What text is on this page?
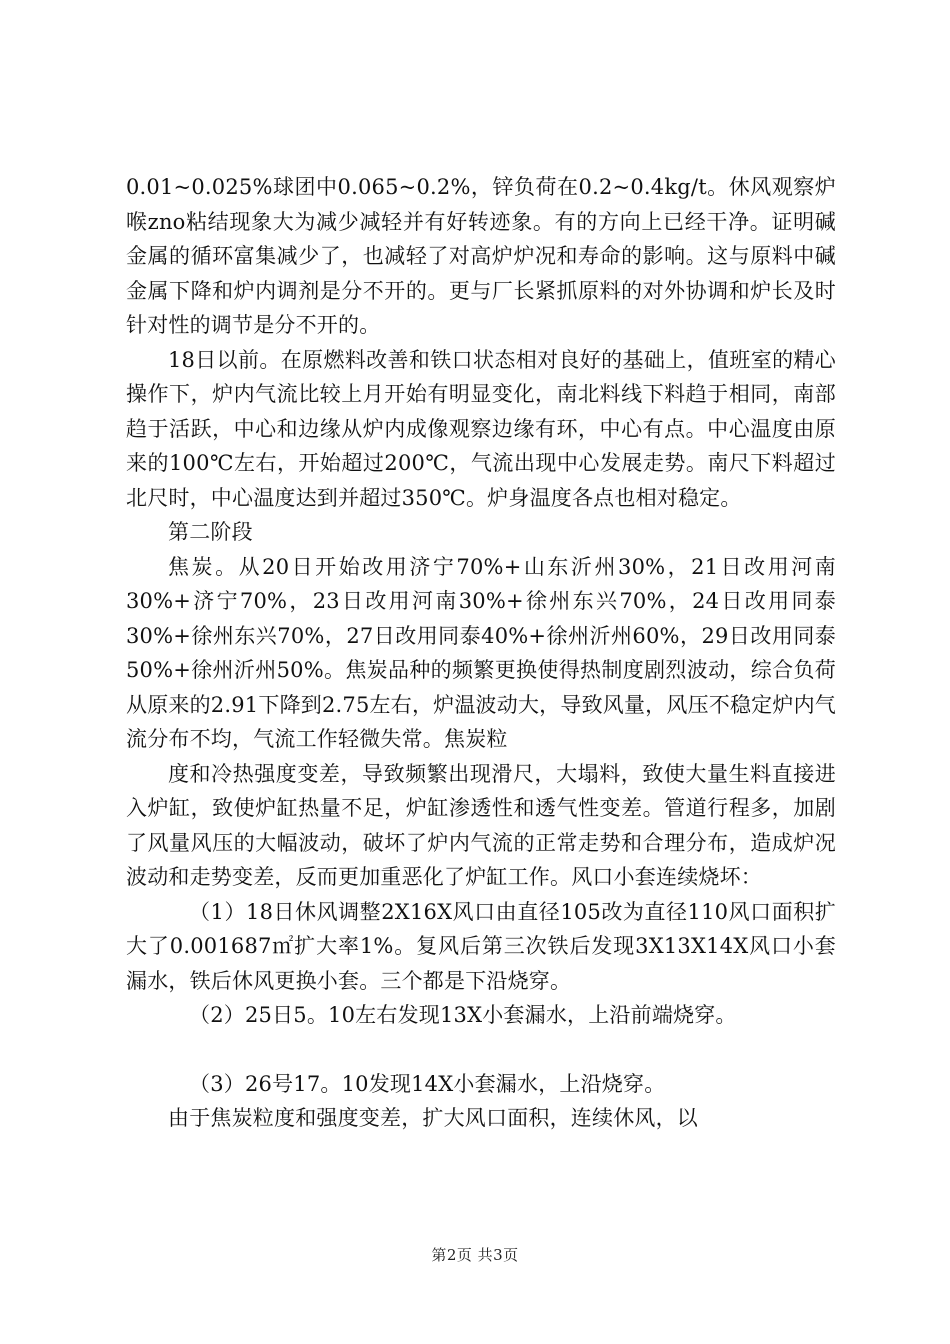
0.01~0.025%球团中0.065~0.2%，锌负荷在0.2~0.4kg/t。休风观察炉喉zno粘结现象大为减少减轻并有好转迹象。有的方向上已经干净。证明碱金属的循环富集减少了，也减轻了对高炉炉况和寿命的影响。这与原料中碱金属下降和炉内调剂是分不开的。更与厂长紧抓原料的对外协调和炉长及时针对性的调节是分不开的。

18日以前。在原燃料改善和铁口状态相对良好的基础上，值班室的精心操作下，炉内气流比较上月开始有明显变化，南北料线下料趋于相同，南部趋于活跃，中心和边缘从炉内成像观察边缘有环，中心有点。中心温度由原来的100℃左右，开始超过200℃，气流出现中心发展走势。南尺下料超过北尺时，中心温度达到并超过350℃。炉身温度各点也相对稳定。

第二阶段

焦炭。从20日开始改用济宁70%+山东沂州30%，21日改用河南30%+济宁70%，23日改用河南30%+徐州东兴70%，24日改用同泰30%+徐州东兴70%，27日改用同泰40%+徐州沂州60%，29日改用同泰50%+徐州沂州50%。焦炭品种的频繁更换使得热制度剧烈波动，综合负荷从原来的2.91下降到2.75左右，炉温波动大，导致风量，风压不稳定炉内气流分布不均，气流工作轻微失常。焦炭粒

度和冷热强度变差，导致频繁出现滑尺，大塌料，致使大量生料直接进入炉缸，致使炉缸热量不足，炉缸渗透性和透气性变差。管道行程多，加剧了风量风压的大幅波动，破坏了炉内气流的正常走势和合理分布，造成炉况波动和走势变差，反而更加重恶化了炉缸工作。风口小套连续烧坏：

（1）18日休风调整2X16X风口由直径105改为直径110风口面积扩大了0.001687㎡扩大率1%。复风后第三次铁后发现3X13X14X风口小套漏水，铁后休风更换小套。三个都是下沿烧穿。

（2）25日5。10左右发现13X小套漏水，上沿前端烧穿。

（3）26号17。10发现14X小套漏水，上沿烧穿。

由于焦炭粒度和强度变差，扩大风口面积，连续休风，以

第2页 共3页
